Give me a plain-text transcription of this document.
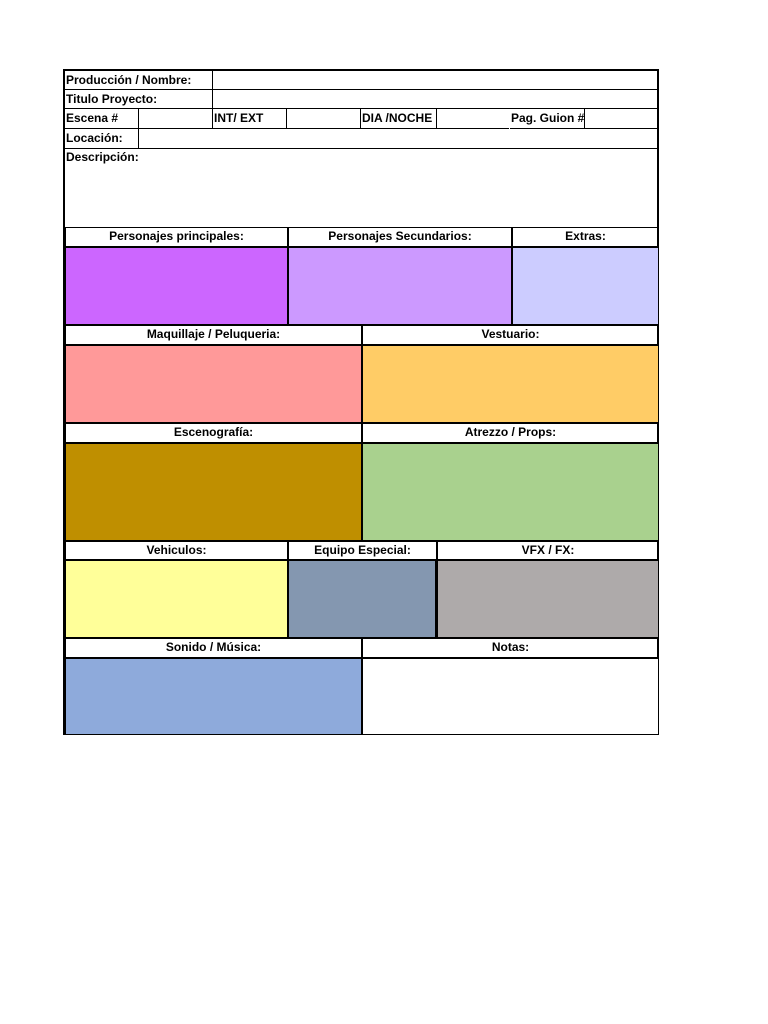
Producción / Nombre:
Titulo Proyecto:
Escena #	INT/ EXT	DIA /NOCHE	Pag. Guion #
Locación:
Descripción:
Personajes principales:	Personajes Secundarios:	Extras:
Maquillaje / Peluqueria:	Vestuario:
Escenografía:	Atrezzo / Props:
Vehiculos:	Equipo Especial:	VFX / FX:
Sonido / Música:	Notas:
